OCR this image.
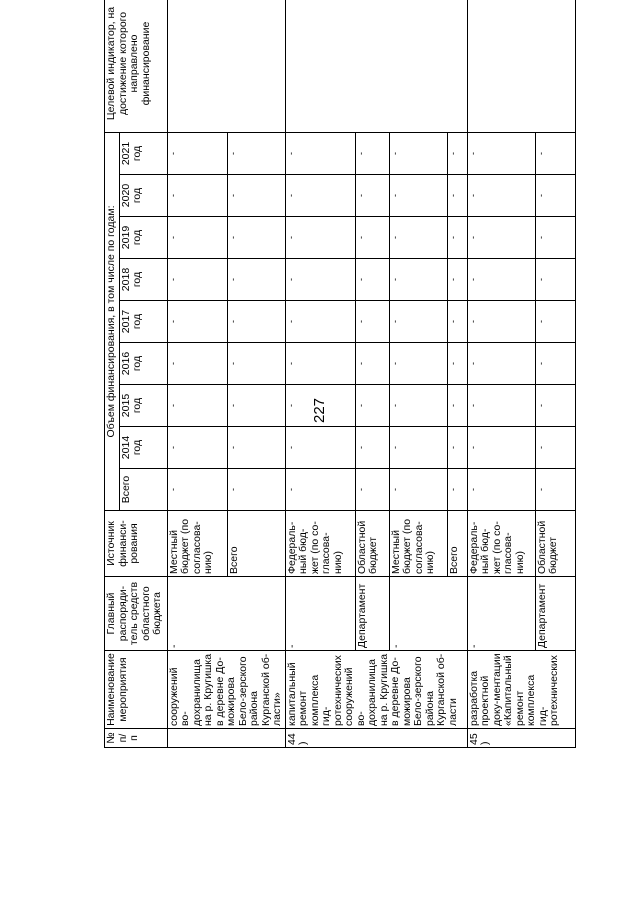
227
№ п/п	Наименование мероприятия	Главный распоряди-тель средств областного бюджета	Источник финанси-рования	Объем финансирования, в том числе по годам:									Целевой индикатор, на достижение которого направлено финансирование
				Всего	2014 год	2015 год	2016 год	2017 год	2018 год	2019 год	2020 год	2021 год	
	сооружений во-дохранилища на р. Кругишка в деревне До-можирова Бело-зерского района Курганской об-ласти»	-	Местный бюджет (по согласова-нию)	-	-	-	-	-	-	-	-	-	
			Всего	-	-	-	-	-	-	-	-	-	
44)	капитальный ремонт комплекса гид-ротехнических сооружений во-дохранилища на р. Кругишка в деревне До-можирова Бело-зерского района Курганской об-ласти	-	Федераль-ный бюд-жет (по со-гласова-нию)	-	-	-	-	-	-	-	-	-	
		Департамент	Областной бюджет	-	-	-	-	-	-	-	-	-	
		-	Местный бюджет (по согласова-нию)	-	-	-	-	-	-	-	-	-	
			Всего	-	-	-	-	-	-	-	-	-	
45)	разработка проектной доку-ментации «Капитальный ремонт комплекса гид-ротехнических	-	Федераль-ный бюд-жет (по со-гласова-нию)	-	-	-	-	-	-	-	-	-	
		Департамент	Областной бюджет	-	-	-	-	-	-	-	-	-	
